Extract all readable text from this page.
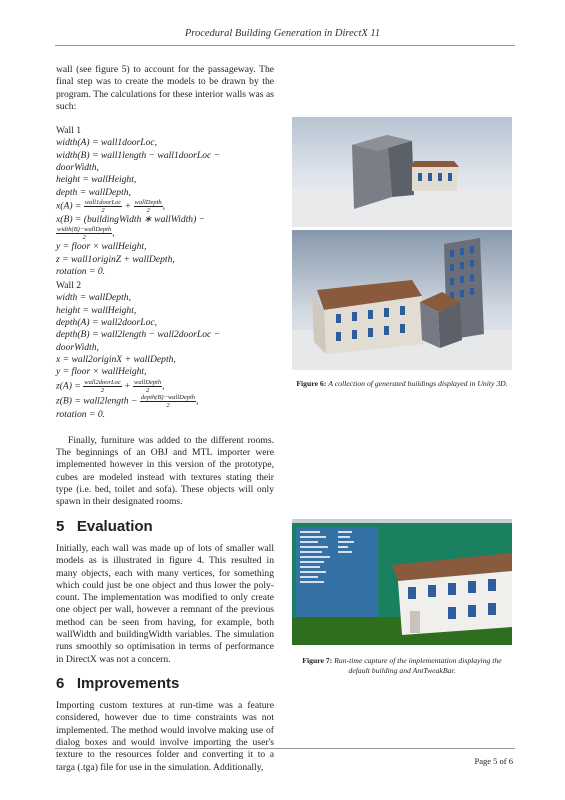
Procedural Building Generation in DirectX 11

wall (see figure 5) to account for the passageway. The final step was to create the models to be drawn by the program. The calculations for these interior walls was as such:

Wall 1
width(A) = wall1doorLoc,
width(B) = wall1length − wall1doorLoc −
doorWidth,
height = wallHeight,
depth = wallDepth,
$x(A) = \frac{\text{wall1doorLoc}}{2} + \frac{\text{wallDepth}}{2}$ ,
x(B) = (buildingWidth ∗ wallWidth) −
$\frac{\text{width(B)−wallDepth}}{2}$ ,
y = floor × wallHeight,
z = wall1originZ + wallDepth,
rotation = 0.
Wall 2
width = wallDepth,
height = wallHeight,
depth(A) = wall2doorLoc,
depth(B) = wall2length − wall2doorLoc −
doorWidth,
x = wall2originX + wallDepth,
y = floor × wallHeight,
$z(A) = \frac{\text{wall2doorLoc}}{2} + \frac{\text{wallDepth}}{2}$ ,
z(B) = wall2length − $\frac{\text{depth(B)−wallDepth}}{2}$ ,
rotation = 0.

Finally, furniture was added to the different rooms. The beginnings of an OBJ and MTL importer were implemented however in this version of the prototype, cubes are modeled instead with textures stating their type (i.e. bed, toilet and sofa). These objects will only spawn in their designated rooms.

5 Evaluation

Initially, each wall was made up of lots of smaller wall models as is illustrated in figure 4. This resulted in many objects, each with many vertices, for something which could just be one object and thus lower the poly-count. The implementation was modified to only create one object per wall, however a remnant of the previous method can be seen from having, for example, both wallWidth and buildingWidth variables. The simulation runs smoothly so optimisation in terms of performance in DirectX was not a concern.

6 Improvements

Importing custom textures at run-time was a feature considered, however due to time constraints was not implemented. The method would involve making use of dialog boxes and would involve importing the user's texture to the resources folder and converting it to a targa (.tga) file for use in the simulation. Additionally,

Figure 6: A collection of generated buildings displayed in Unity 3D.
Figure 7: Run-time capture of the implementation displaying the default building and AntTweakBar.
Page 5 of 6
